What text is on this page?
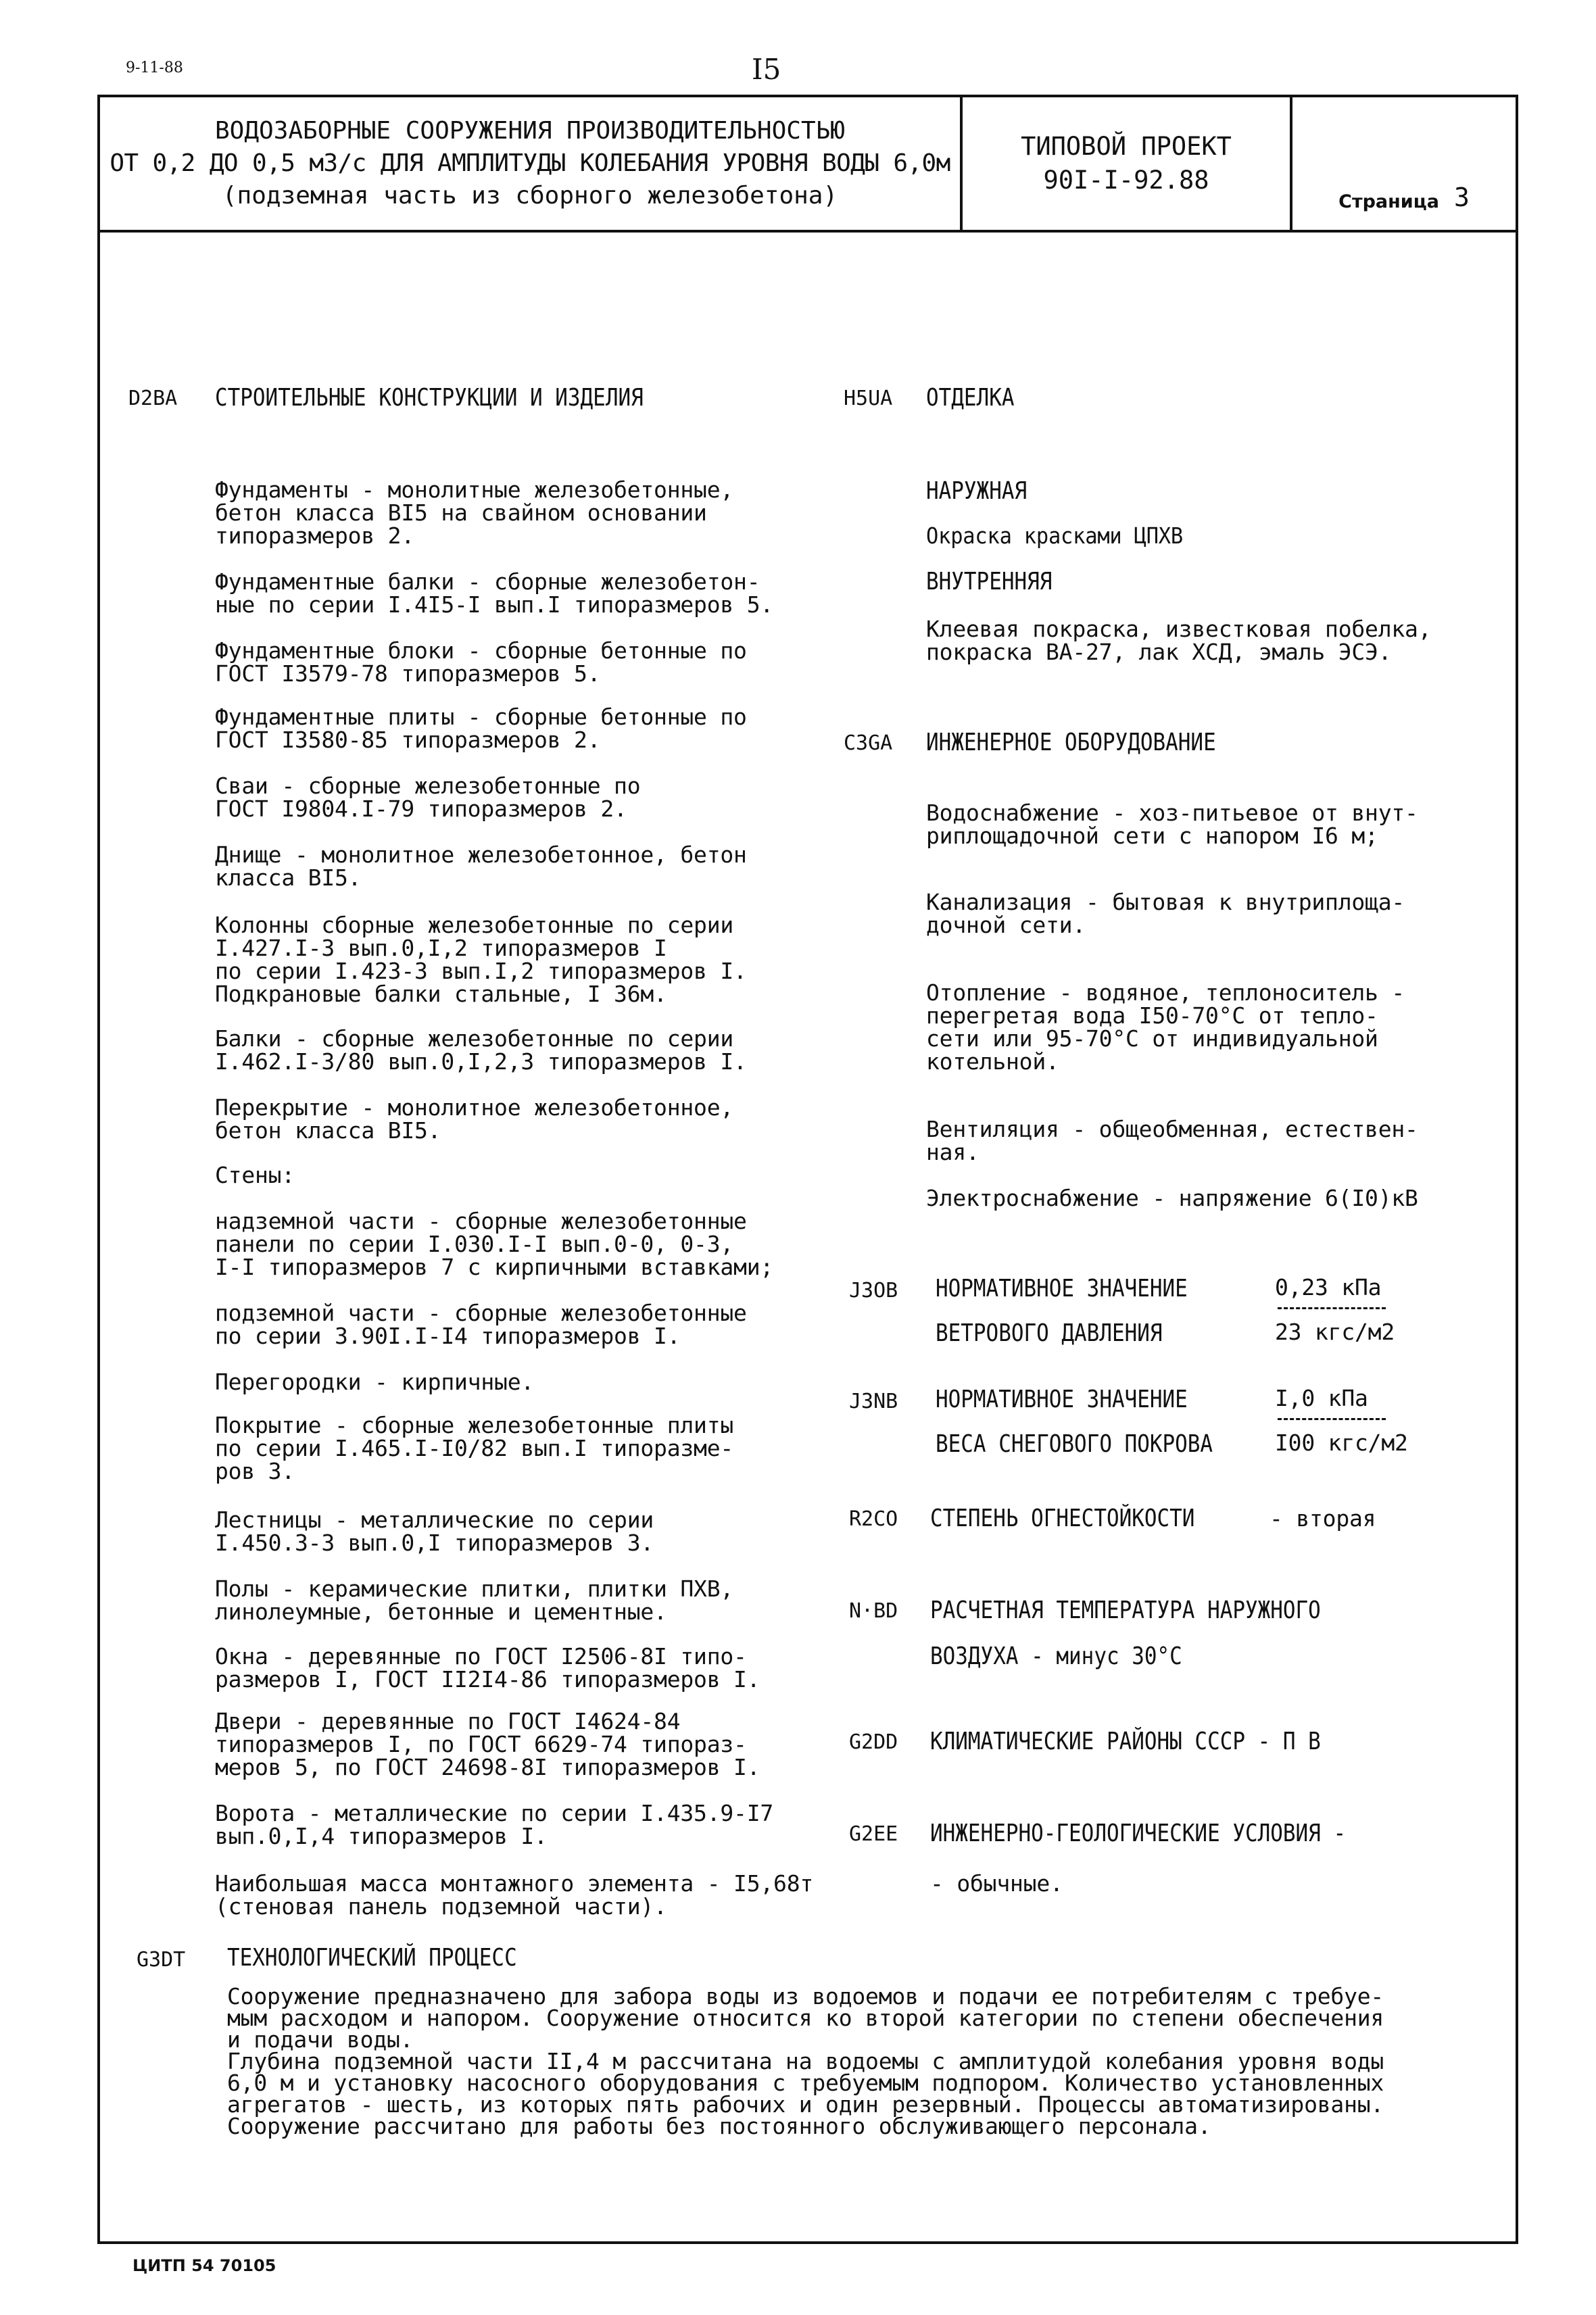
9-11-88	I5
ВОДОЗАБОРНЫЕ СООРУЖЕНИЯ ПРОИЗВОДИТЕЛЬНОСТЬЮ
ОТ 0,2 ДО 0,5 м3/с ДЛЯ АМПЛИТУДЫ КОЛЕБАНИЯ УРОВНЯ ВОДЫ 6,0м
(подземная часть из сборного железобетона)
ТИПОВОЙ ПРОЕКТ
90I-I-92.88
Страница 3
D2BA СТРОИТЕЛЬНЫЕ КОНСТРУКЦИИ И ИЗДЕЛИЯ
Фундаменты - монолитные железобетонные,
бетон класса BI5 на свайном основании
типоразмеров 2.
Фундаментные балки - сборные железобетон-
ные по серии I.4I5-I вып.I типоразмеров 5.
Фундаментные блоки - сборные бетонные по
ГОСТ I3579-78 типоразмеров 5.
Фундаментные плиты - сборные бетонные по
ГОСТ I3580-85 типоразмеров 2.
Сваи - сборные железобетонные по
ГОСТ I9804.I-79 типоразмеров 2.
Днище - монолитное железобетонное, бетон
класса BI5.
Колонны сборные железобетонные по серии
I.427.I-3 вып.0,I,2 типоразмеров I
по серии I.423-3 вып.I,2 типоразмеров I.
Подкрановые балки стальные, I 36м.
Балки - сборные железобетонные по серии
I.462.I-3/80 вып.0,I,2,3 типоразмеров I.
Перекрытие - монолитное железобетонное,
бетон класса BI5.
Стены:
надземной части - сборные железобетонные
панели по серии I.030.I-I вып.0-0, 0-3,
I-I типоразмеров 7 с кирпичными вставками;
подземной части - сборные железобетонные
по серии 3.90I.I-I4 типоразмеров I.
Перегородки - кирпичные.
Покрытие - сборные железобетонные плиты
по серии I.465.I-I0/82 вып.I типоразме-
ров 3.
Лестницы - металлические по серии
I.450.3-3 вып.0,I типоразмеров 3.
Полы - керамические плитки, плитки ПХВ,
линолеумные, бетонные и цементные.
Окна - деревянные по ГОСТ I2506-8I типо-
размеров I, ГОСТ II2I4-86 типоразмеров I.
Двери - деревянные по ГОСТ I4624-84
типоразмеров I, по ГОСТ 6629-74 типораз-
меров 5, по ГОСТ 24698-8I типоразмеров I.
Ворота - металлические по серии I.435.9-I7
вып.0,I,4 типоразмеров I.
Наибольшая масса монтажного элемента - I5,68т
(стеновая панель подземной части).
H5UA ОТДЕЛКА
НАРУЖНАЯ
Окраска красками ЦПХВ
ВНУТРЕННЯЯ
Клеевая покраска, известковая побелка,
покраска ВА-27, лак ХСД, эмаль ЭСЭ.
C3GA ИНЖЕНЕРНОЕ ОБОРУДОВАНИЕ
Водоснабжение - хоз-питьевое от внут-
риплощадочной сети с напором I6 м;
Канализация - бытовая к внутриплоща-
дочной сети.
Отопление - водяное, теплоноситель -
перегретая вода I50-70°С от тепло-
сети или 95-70°С от индивидуальной
котельной.
Вентиляция - общеобменная, естествен-
ная.
Электроснабжение - напряжение 6(I0)кВ
J3OB НОРМАТИВНОЕ ЗНАЧЕНИЕ
ВЕТРОВОГО ДАВЛЕНИЯ
0,23 кПа
23 кгс/м2
J3NB НОРМАТИВНОЕ ЗНАЧЕНИЕ
ВЕСА СНЕГОВОГО ПОКРОВА
I,0 кПа
I00 кгс/м2
R2CO СТЕПЕНЬ ОГНЕСТОЙКОСТИ	- вторая
N·BD РАСЧЕТНАЯ ТЕМПЕРАТУРА НАРУЖНОГО
ВОЗДУХА - минус 30°С
G2DD КЛИМАТИЧЕСКИЕ РАЙОНЫ СССР - П В
G2EE ИНЖЕНЕРНО-ГЕОЛОГИЧЕСКИЕ УСЛОВИЯ -
- обычные.
G3DT ТЕХНОЛОГИЧЕСКИЙ ПРОЦЕСС
Сооружение предназначено для забора воды из водоемов и подачи ее потребителям с требуе-
мым расходом и напором. Сооружение относится ко второй категории по степени обеспечения
и подачи воды.
Глубина подземной части II,4 м рассчитана на водоемы с амплитудой колебания уровня воды
6,0 м и установку насосного оборудования с требуемым подпором. Количество установленных
агрегатов - шесть, из которых пять рабочих и один резервный. Процессы автоматизированы.
Сооружение рассчитано для работы без постоянного обслуживающего персонала.
ЦИТП 54 70105
